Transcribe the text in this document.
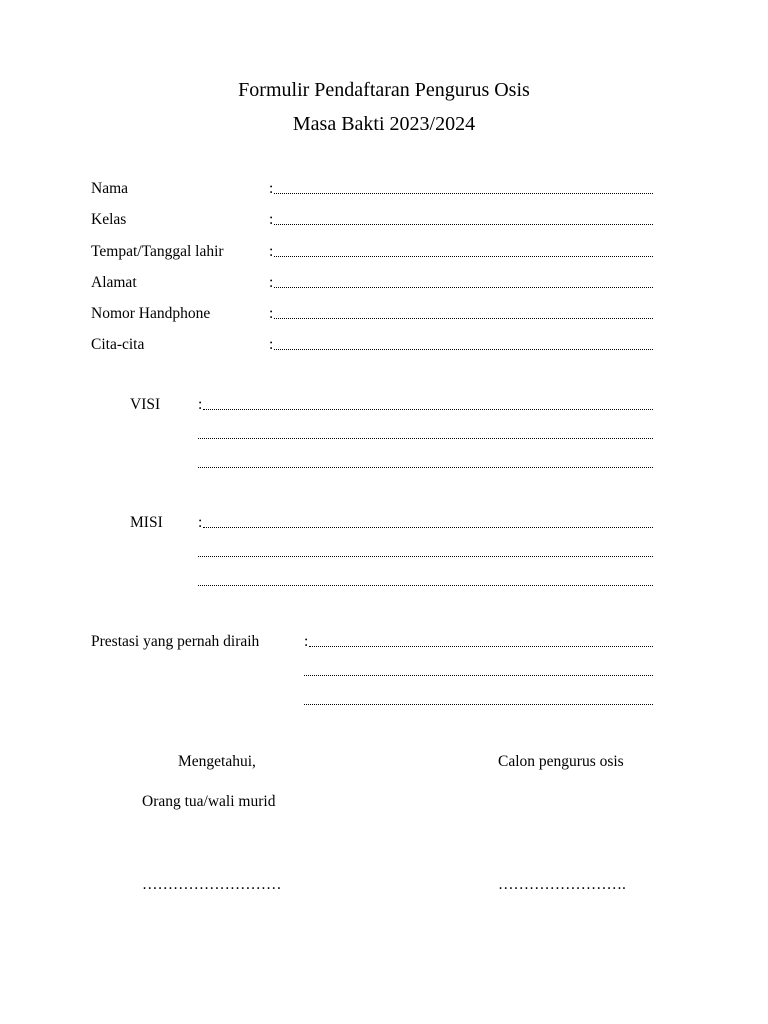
Formulir Pendaftaran Pengurus Osis
Masa Bakti 2023/2024
Nama	:
Kelas	:
Tempat/Tanggal lahir	:
Alamat	:
Nomor Handphone	:
Cita-cita	:
VISI :
MISI :
Prestasi yang pernah diraih	:
Mengetahui,	Calon pengurus osis
Orang tua/wali murid
………………………	…………………….
